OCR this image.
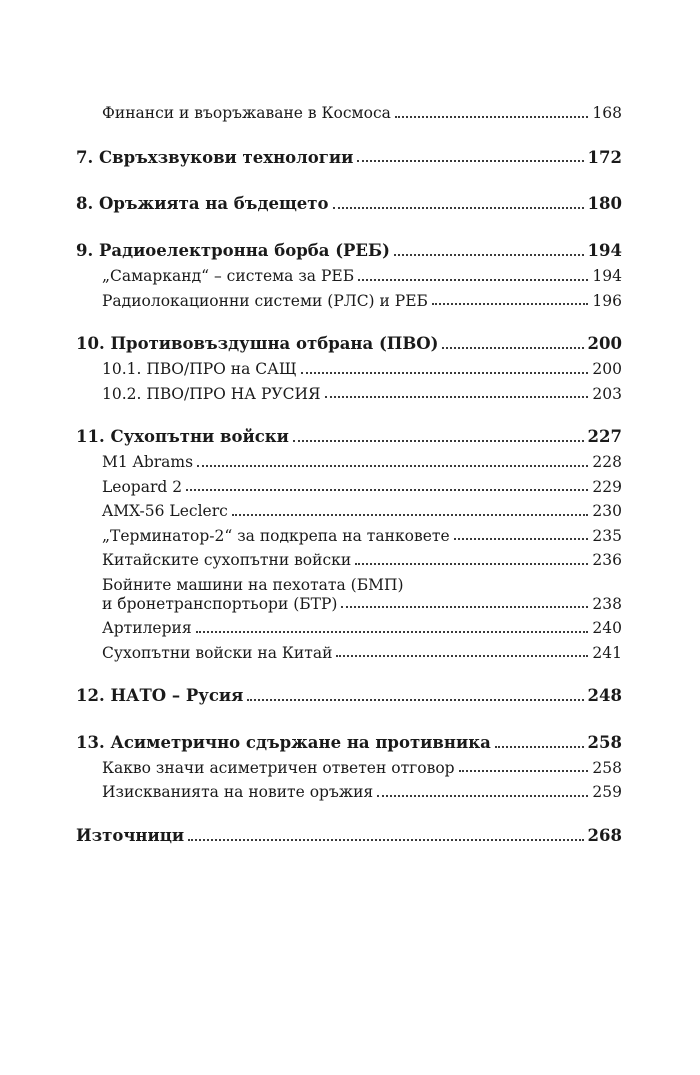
Финанси и въоръжаване в Космоса	168
7. Свръхзвукови технологии	172
8. Оръжията на бъдещето	180
9. Радиоелектронна борба (РЕБ)	194
„Самарканд“ – система за РЕБ	194
Радиолокационни системи (РЛС) и РЕБ	196
10. Противовъздушна отбрана (ПВО)	200
10.1. ПВО/ПРО на САЩ	200
10.2. ПВО/ПРО НА РУСИЯ	203
11. Сухопътни войски	227
M1 Abrams	228
Leopard 2	229
AMX-56 Leclerc	230
„Терминатор-2“ за подкрепа на танковете	235
Китайските сухопътни войски	236
Бойните машини на пехотата (БМП)
и бронетранспортьори (БТР)	238
Артилерия	240
Сухопътни войски на Китай	241
12. НАТО – Русия	248
13. Асиметрично сдържане на противника	258
Какво значи асиметричен ответен отговор	258
Изискванията на новите оръжия	259
Източници	268
